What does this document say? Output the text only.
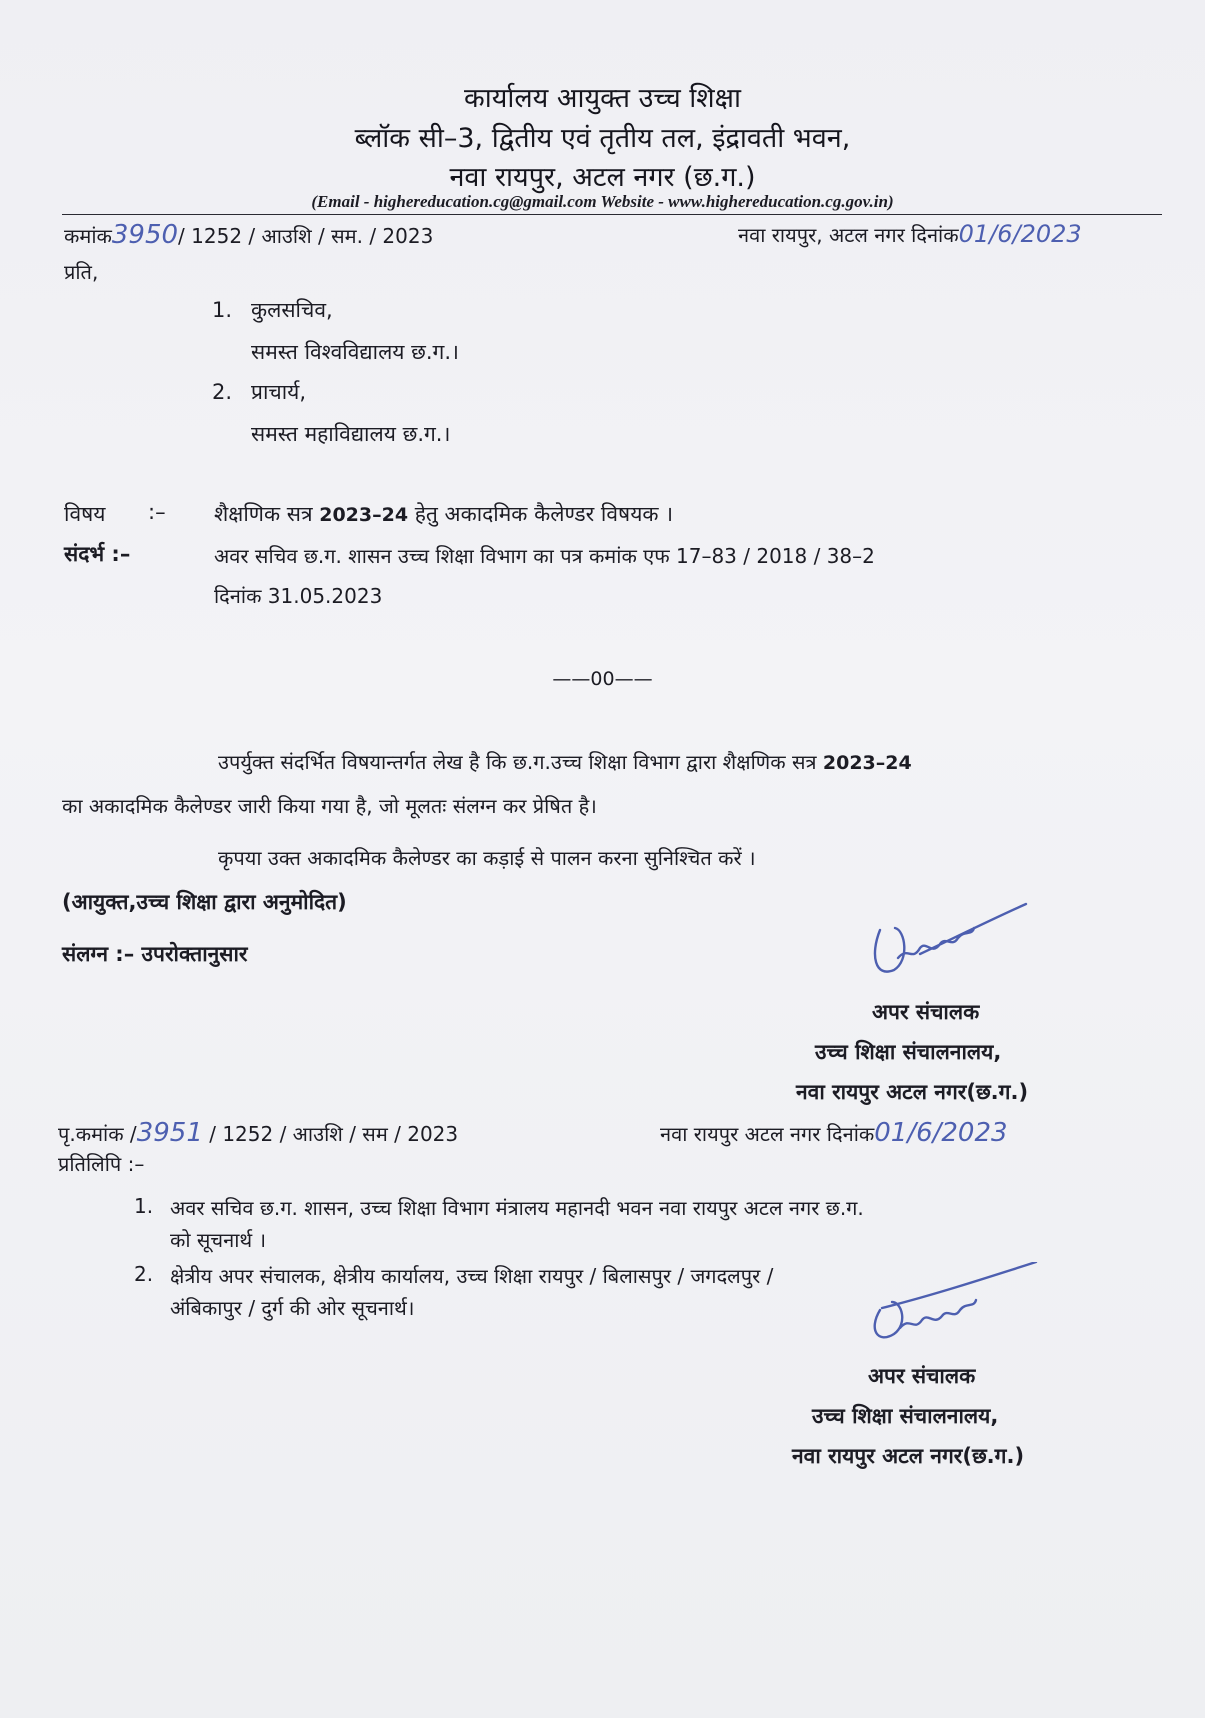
कार्यालय आयुक्त उच्च शिक्षा
ब्लॉक सी–3, द्वितीय एवं तृतीय तल, इंद्रावती भवन,
नवा रायपुर, अटल नगर (छ.ग.)
(Email - highereducation.cg@gmail.com Website - www.highereducation.cg.gov.in)
कमांक3950/ 1252 / आउशि / सम. / 2023	नवा रायपुर, अटल नगर दिनांक01/6/2023
प्रति,
1. कुलसचिव,
समस्त विश्वविद्यालय छ.ग.।
2. प्राचार्य,
समस्त महाविद्यालय छ.ग.।
विषय :– शैक्षणिक सत्र 2023–24 हेतु अकादमिक कैलेण्डर विषयक ।
संदर्भ :–	अवर सचिव छ.ग. शासन उच्च शिक्षा विभाग का पत्र कमांक एफ 17–83 / 2018 / 38–2
दिनांक 31.05.2023
——00——
उपर्युक्त संदर्भित विषयान्तर्गत लेख है कि छ.ग.उच्च शिक्षा विभाग द्वारा शैक्षणिक सत्र 2023–24
का अकादमिक कैलेण्डर जारी किया गया है, जो मूलतः संलग्न कर प्रेषित है।
कृपया उक्त अकादमिक कैलेण्डर का कड़ाई से पालन करना सुनिश्चित करें ।
(आयुक्त,उच्च शिक्षा द्वारा अनुमोदित)
संलग्न :– उपरोक्तानुसार
अपर संचालक
उच्च शिक्षा संचालनालय,
नवा रायपुर अटल नगर(छ.ग.)
पृ.कमांक /3951 / 1252 / आउशि / सम / 2023	नवा रायपुर अटल नगर दिनांक01/6/2023
प्रतिलिपि :–
1. अवर सचिव छ.ग. शासन, उच्च शिक्षा विभाग मंत्रालय महानदी भवन नवा रायपुर अटल नगर छ.ग.
को सूचनार्थ ।
2. क्षेत्रीय अपर संचालक, क्षेत्रीय कार्यालय, उच्च शिक्षा रायपुर / बिलासपुर / जगदलपुर /
अंबिकापुर / दुर्ग की ओर सूचनार्थ।
अपर संचालक
उच्च शिक्षा संचालनालय,
नवा रायपुर अटल नगर(छ.ग.)
